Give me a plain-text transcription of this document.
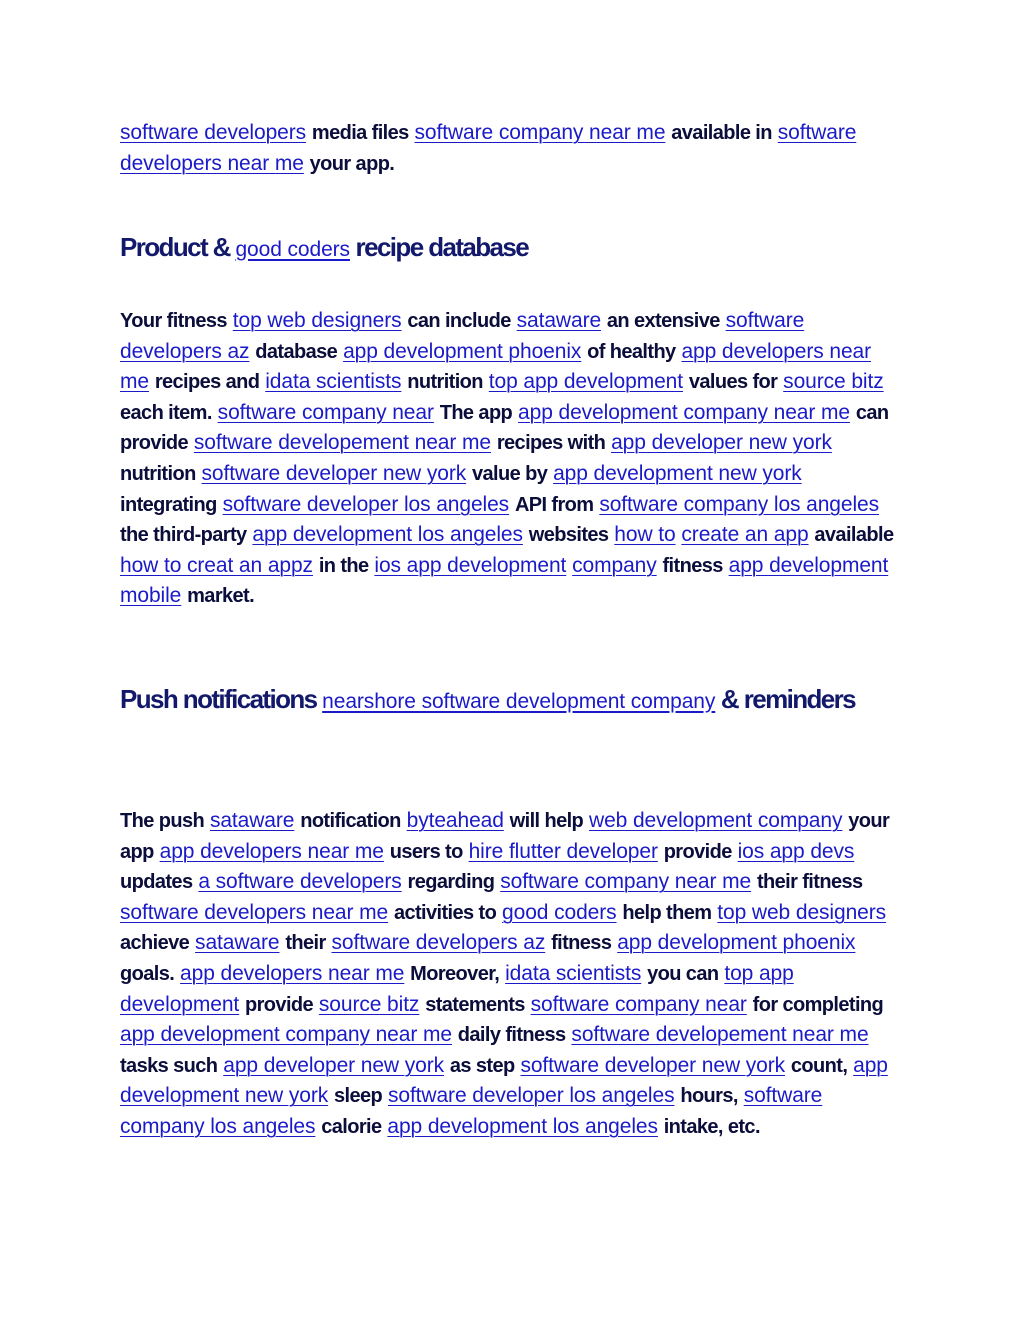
software developers media files software company near me available in software developers near me your app.

Product & good coders recipe database

Your fitness top web designers can include sataware an extensive software developers az database app development phoenix of healthy app developers near me recipes and idata scientists nutrition top app development values for source bitz each item. software company near The app app development company near me can provide software developement near me recipes with app developer new york nutrition software developer new york value by app development new york integrating software developer los angeles API from software company los angeles the third-party app development los angeles websites how to create an app available how to creat an appz in the ios app development company fitness app development mobile market.

Push notifications nearshore software development company & reminders

The push sataware notification byteahead will help web development company your app app developers near me users to hire flutter developer provide ios app devs updates a software developers regarding software company near me their fitness software developers near me activities to good coders help them top web designers achieve sataware their software developers az fitness app development phoenix goals. app developers near me Moreover, idata scientists you can top app development provide source bitz statements software company near for completing app development company near me daily fitness software developement near me tasks such app developer new york as step software developer new york count, app development new york sleep software developer los angeles hours, software company los angeles calorie app development los angeles intake, etc.
